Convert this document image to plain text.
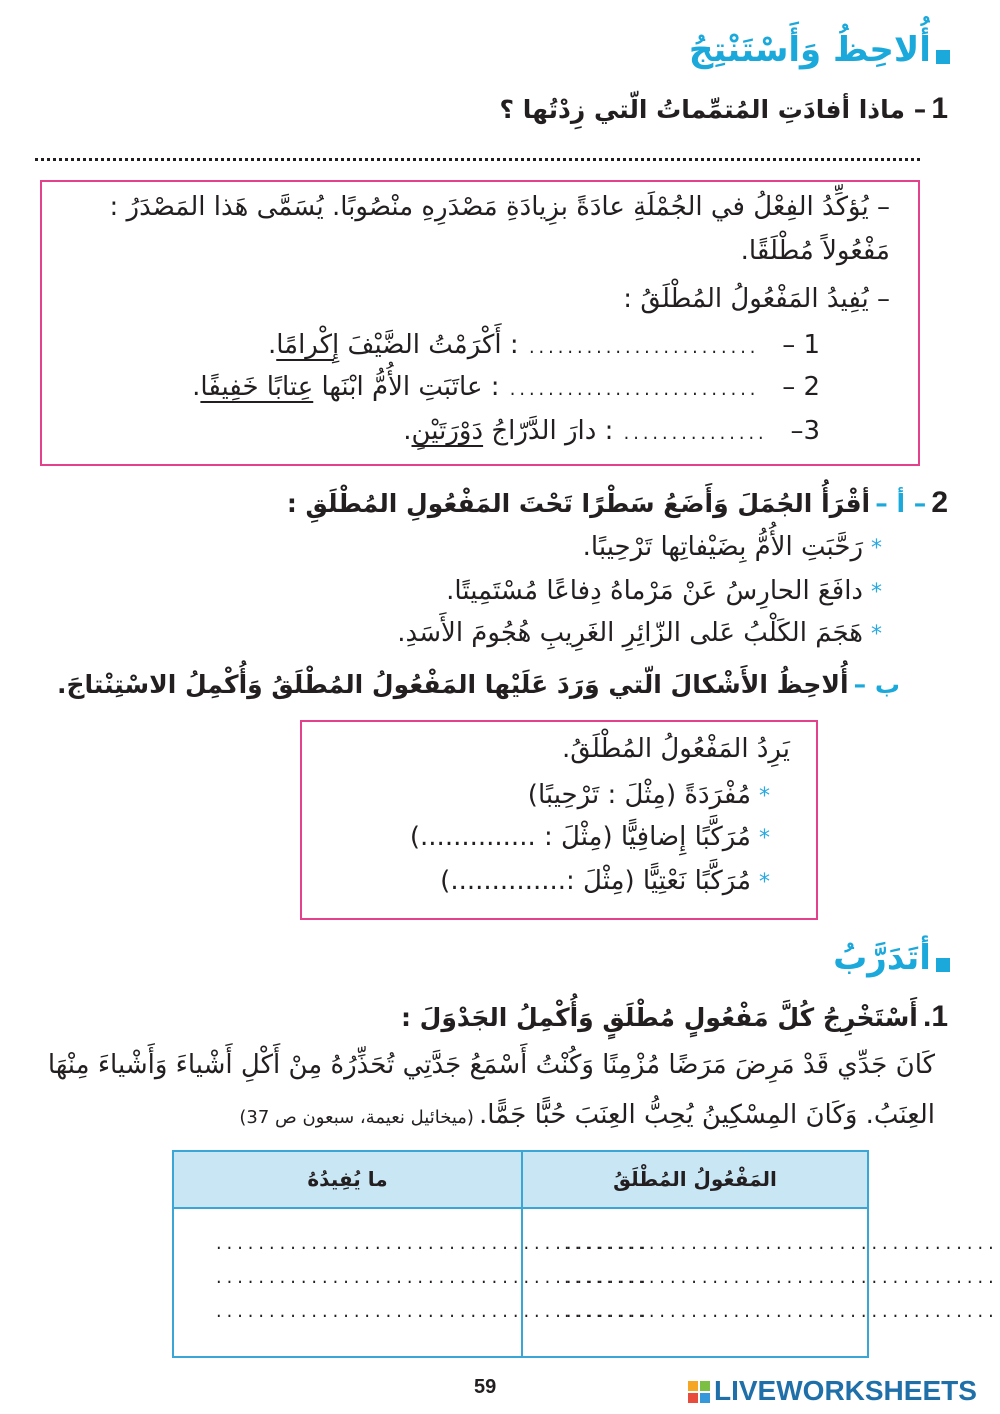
أُلاحِظُ وَأَسْتَنْتِجُ
1 – ماذا أفادَتِ المُتمِّماتُ الّتي زِدْتُها ؟
– يُؤكِّدُ الفِعْلُ في الجُمْلَةِ عادَةً بزِيادَةِ مَصْدَرِهِ منْصُوبًا. يُسَمَّى هَذا المَصْدَرُ :
مَفْعُولاً مُطْلَقًا.
– يُفِيدُ المَفْعُولُ المُطْلَقُ :
1 –   ........................ : أَكْرَمْتُ الضَّيْفَ إِكْرامًا.
2 –   .......................... : عاتَبَتِ الأُمُّ ابْنَها عِتابًا خَفِيفًا.
3–   ............... : دارَ الدَّرّاجُ دَوْرَتَيْنِ.
2 – أ – أقْرَأُ الجُمَلَ وَأَضَعُ سَطْرًا تَحْتَ المَفْعُولِ المُطْلَقِ :
*رَحَّبَتِ الأُمُّ بِضَيْفاتِها تَرْحِيبًا.
*دافَعَ الحارِسُ عَنْ مَرْماهُ دِفاعًا مُسْتَمِيتًا.
*هَجَمَ الكَلْبُ عَلى الزّائِرِ الغَرِيبِ هُجُومَ الأَسَدِ.
ب – أُلاحِظُ الأَشْكالَ الّتي وَرَدَ عَلَيْها المَفْعُولُ المُطْلَقُ وَأُكْمِلُ الاسْتِنْتاجَ.
يَرِدُ المَفْعُولُ المُطْلَقُ.
*مُفْرَدَةً (مِثْلَ : تَرْحِيبًا)
*مُرَكَّبًا إِضافِيًّا (مِثْلَ : ..............)
*مُرَكَّبًا نَعْتِيًّا (مِثْلَ :..............)
أتَدَرَّبُ
1. أَسْتَخْرِجُ كُلَّ مَفْعُولٍ مُطْلَقٍ وَأُكْمِلُ الجَدْوَلَ :
كَانَ جَدِّي قَدْ مَرِضَ مَرَضًا مُزْمِنًا وَكُنْتُ أَسْمَعُ جَدَّتِي تُحَذِّرُهُ مِنْ أَكْلِ أَشْياءَ وَأَشْياءَ مِنْهَا
العِنَبُ. وَكَانَ المِسْكِينُ يُحِبُّ العِنَبَ حُبًّا جَمًّا. (ميخائيل نعيمة، سبعون ص 37)
المَفْعُولُ المُطْلَقُ
ما يُفِيدُهُ
.........................................
.........................................
.........................................
.........................................
.........................................
.........................................
59	LIVEWORKSHEETS
